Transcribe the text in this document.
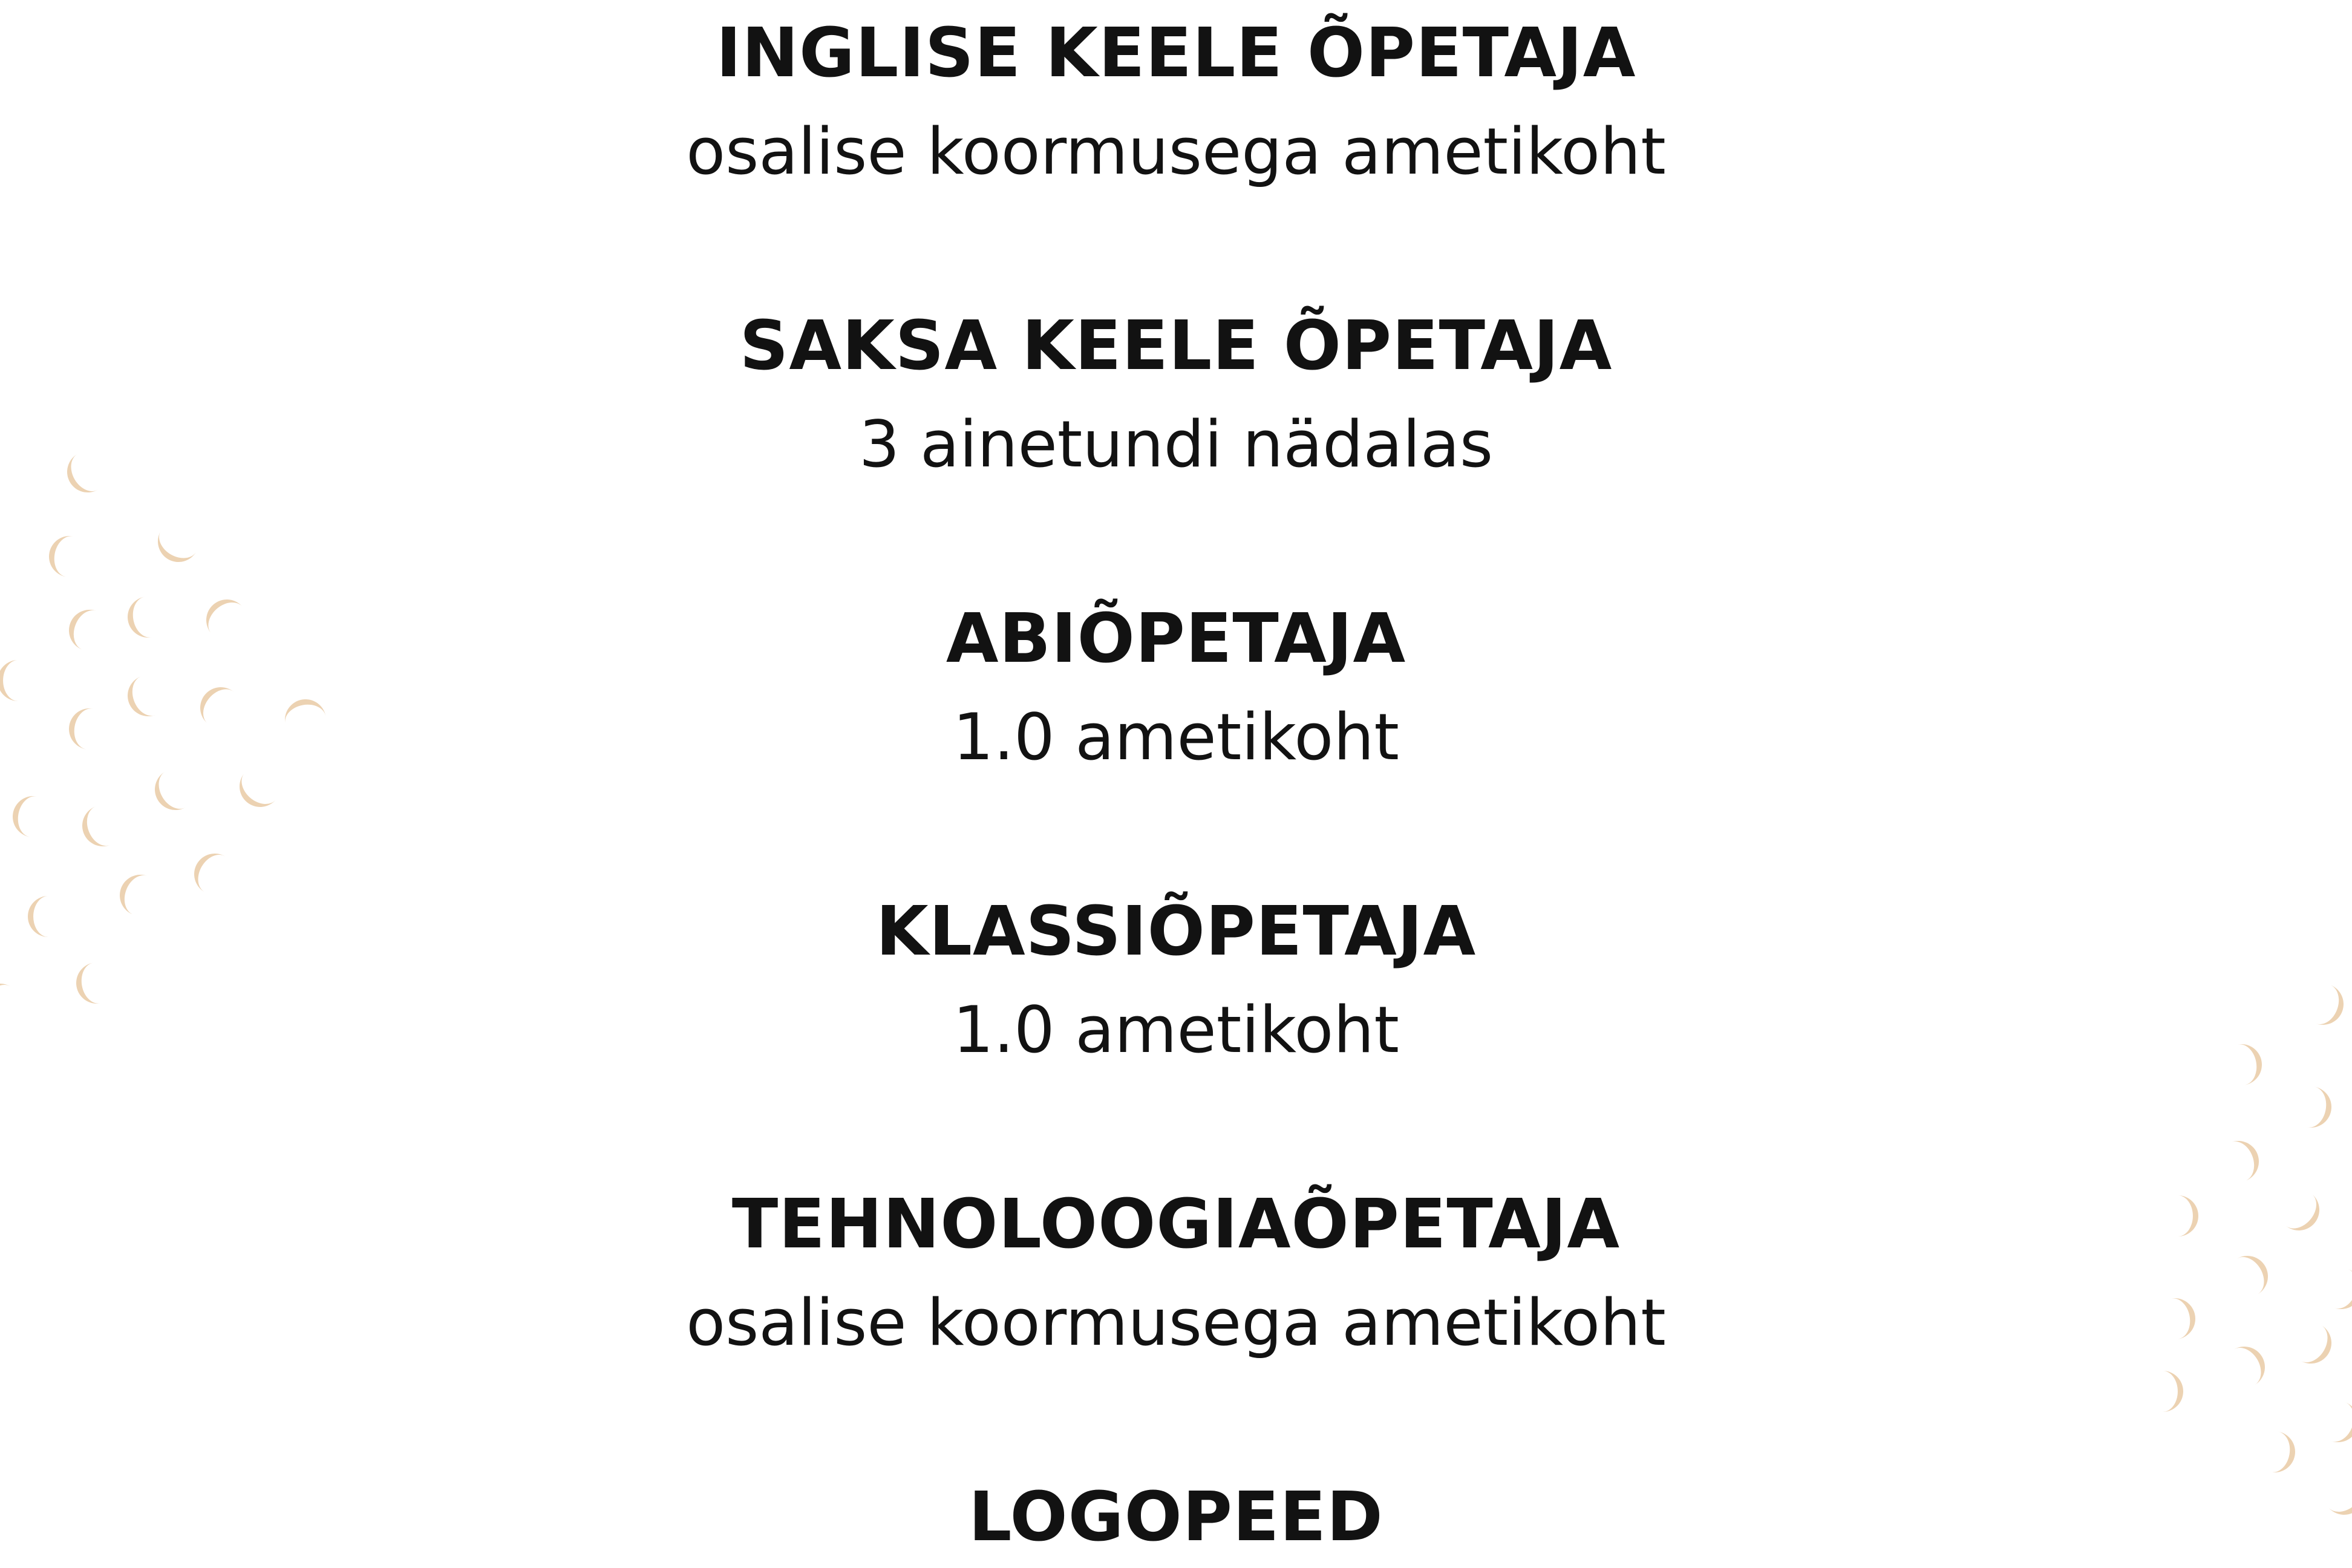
INGLISE KEELE ÕPETAJA
osalise koormusega ametikoht
SAKSA KEELE ÕPETAJA
3 ainetundi nädalas
ABIÕPETAJA
1.0 ametikoht
KLASSIÕPETAJA
1.0 ametikoht
TEHNOLOOGIAÕPETAJA
osalise koormusega ametikoht
LOGOPEED
